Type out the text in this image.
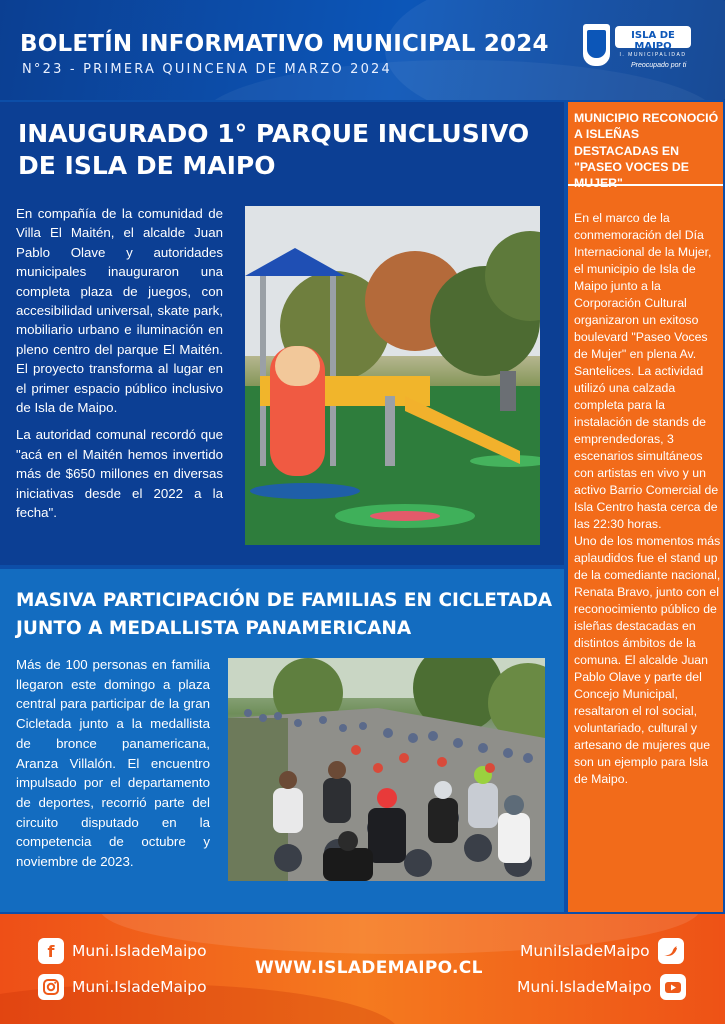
BOLETÍN INFORMATIVO MUNICIPAL 2024
N°23 - PRIMERA QUINCENA DE MARZO 2024
ISLA DE MAIPO
I. MUNICIPALIDAD
Preocupado por ti
INAUGURADO 1° PARQUE INCLUSIVO DE ISLA DE MAIPO

En compañía de la comunidad de Villa El Maitén, el alcalde Juan Pablo Olave y autoridades municipales inauguraron una completa plaza de juegos, con accesibilidad universal, skate park, mobiliario urbano e iluminación en pleno centro del parque El Maitén. El proyecto transforma al lugar en el primer espacio público inclusivo de Isla de Maipo.

La autoridad comunal recordó que "acá en el Maitén hemos invertido más de $650 millones en diversas iniciativas desde el 2022 a la fecha".

MASIVA PARTICIPACIÓN DE FAMILIAS EN CICLETADA JUNTO A MEDALLISTA PANAMERICANA
Más de 100 personas en familia llegaron este domingo a plaza central para participar de la gran Cicletada junto a la medallista de bronce panamericana, Aranza Villalón. El encuentro impulsado por el departamento de deportes, recorrió parte del circuito disputado en la competencia de octubre y noviembre de 2023.
MUNICIPIO RECONOCIÓ A ISLEÑAS DESTACADAS EN "PASEO VOCES DE

En el marco de la conmemoración del Día Internacional de la Mujer, el municipio de Isla de Maipo junto a la Corporación Cultural organizaron un exitoso boulevard "Paseo Voces de Mujer" en plena Av. Santelices. La actividad utilizó una calzada completa para la instalación de stands de emprendedoras, 3 escenarios simultáneos con artistas en vivo y un activo Barrio Comercial de Isla Centro hasta cerca de las 22:30 horas.

Uno de los momentos más aplaudidos fue el stand up de la comediante nacional, Renata Bravo, junto con el reconocimiento público de isleñas destacadas en distintos ámbitos de la comuna. El alcalde Juan Pablo Olave y parte del Concejo Municipal, resaltaron el rol social, voluntariado, cultural y artesano de mujeres que son un ejemplo para Isla de Maipo.

f	Muni.IsladeMaipo
Muni.IsladeMaipo
WWW.ISLADEMAIPO.CL
MuniIsladeMaipo
Muni.IsladeMaipo
